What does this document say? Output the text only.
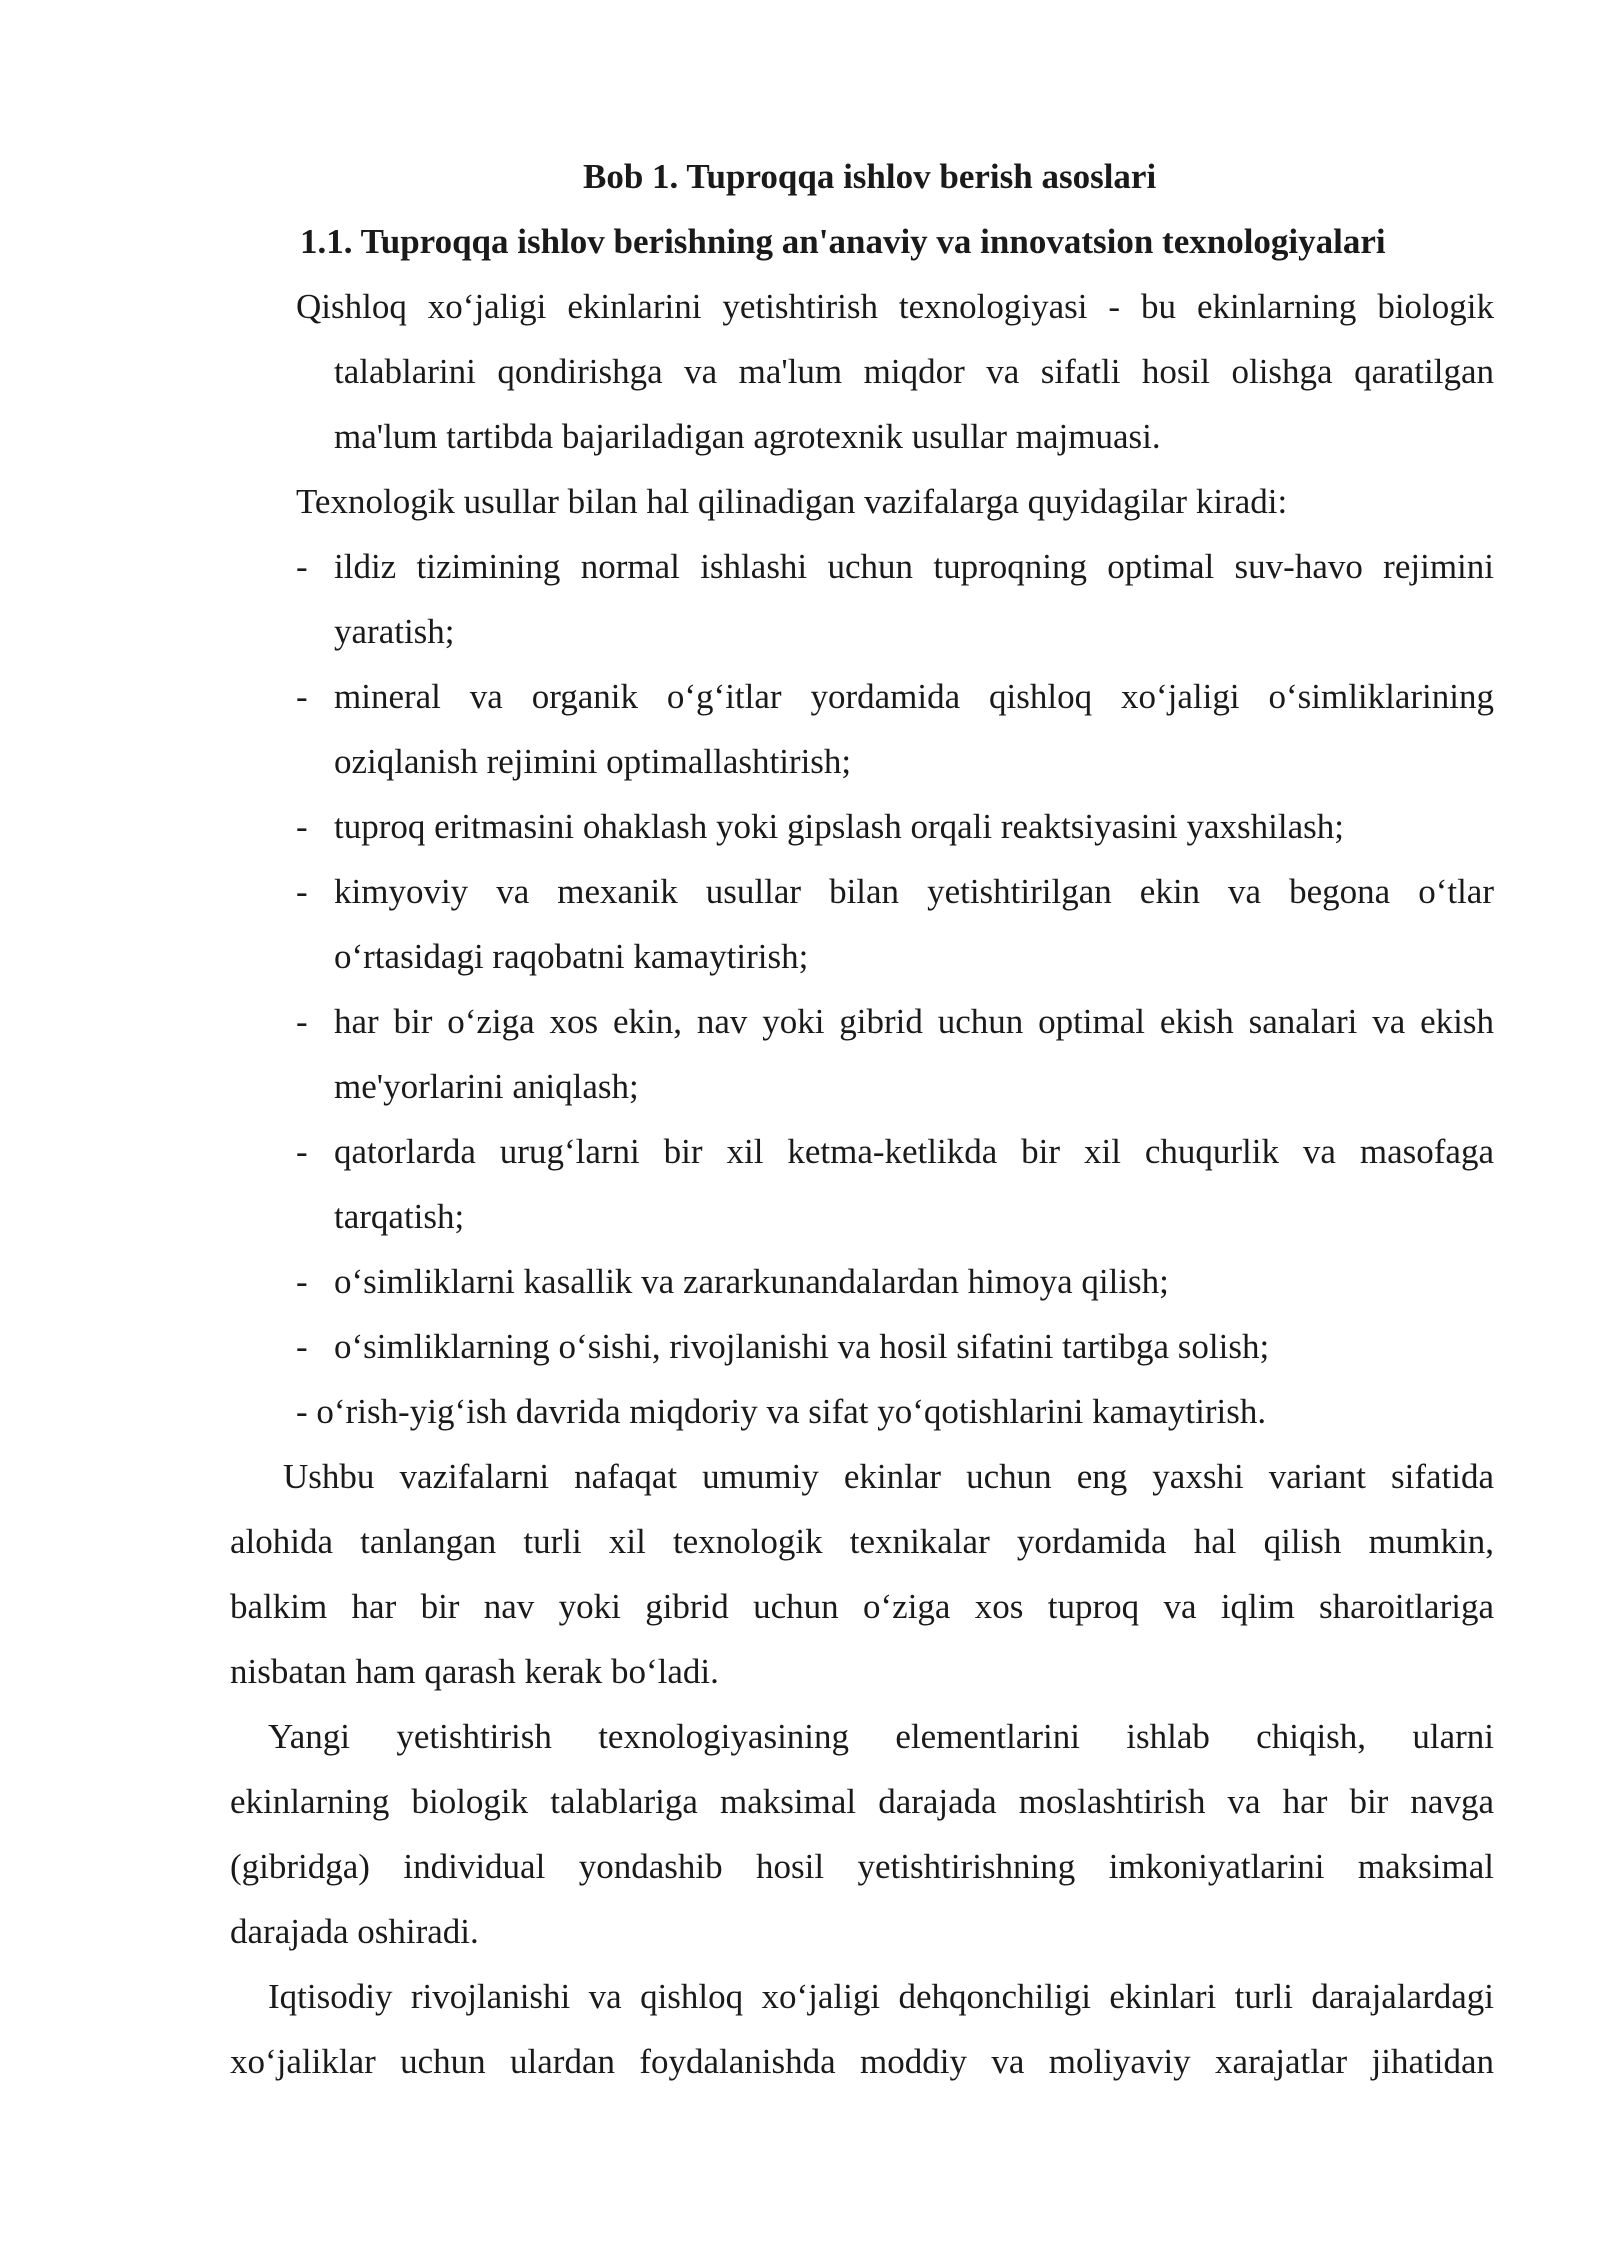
Bob 1. Tuproqqa ishlov berish asoslari
1.1. Tuproqqa ishlov berishning an'anaviy va innovatsion texnologiyalari
Qishloq xo‘jaligi ekinlarini yetishtirish texnologiyasi - bu ekinlarning biologik
talablarini qondirishga va ma'lum miqdor va sifatli hosil olishga qaratilgan
ma'lum tartibda bajariladigan agrotexnik usullar majmuasi.
Texnologik usullar bilan hal qilinadigan vazifalarga quyidagilar kiradi:
- ildiz tizimining normal ishlashi uchun tuproqning optimal suv-havo rejimini
yaratish;
- mineral va organik o‘g‘itlar yordamida qishloq xo‘jaligi o‘simliklarining
oziqlanish rejimini optimallashtirish;
- tuproq eritmasini ohaklash yoki gipslash orqali reaktsiyasini yaxshilash;
- kimyoviy va mexanik usullar bilan yetishtirilgan ekin va begona o‘tlar
o‘rtasidagi raqobatni kamaytirish;
- har bir o‘ziga xos ekin, nav yoki gibrid uchun optimal ekish sanalari va ekish
me'yorlarini aniqlash;
- qatorlarda urug‘larni bir xil ketma-ketlikda bir xil chuqurlik va masofaga
tarqatish;
- o‘simliklarni kasallik va zararkunandalardan himoya qilish;
- o‘simliklarning o‘sishi, rivojlanishi va hosil sifatini tartibga solish;
- o‘rish-yig‘ish davrida miqdoriy va sifat yo‘qotishlarini kamaytirish.
Ushbu vazifalarni nafaqat umumiy ekinlar uchun eng yaxshi variant sifatida
alohida tanlangan turli xil texnologik texnikalar yordamida hal qilish mumkin,
balkim har bir nav yoki gibrid uchun o‘ziga xos tuproq va iqlim sharoitlariga
nisbatan ham qarash kerak bo‘ladi.
Yangi yetishtirish texnologiyasining elementlarini ishlab chiqish, ularni
ekinlarning biologik talablariga maksimal darajada moslashtirish va har bir navga
(gibridga) individual yondashib hosil yetishtirishning imkoniyatlarini maksimal
darajada oshiradi.
Iqtisodiy rivojlanishi va qishloq xo‘jaligi dehqonchiligi ekinlari turli darajalardagi
xo‘jaliklar uchun ulardan foydalanishda moddiy va moliyaviy xarajatlar jihatidan
